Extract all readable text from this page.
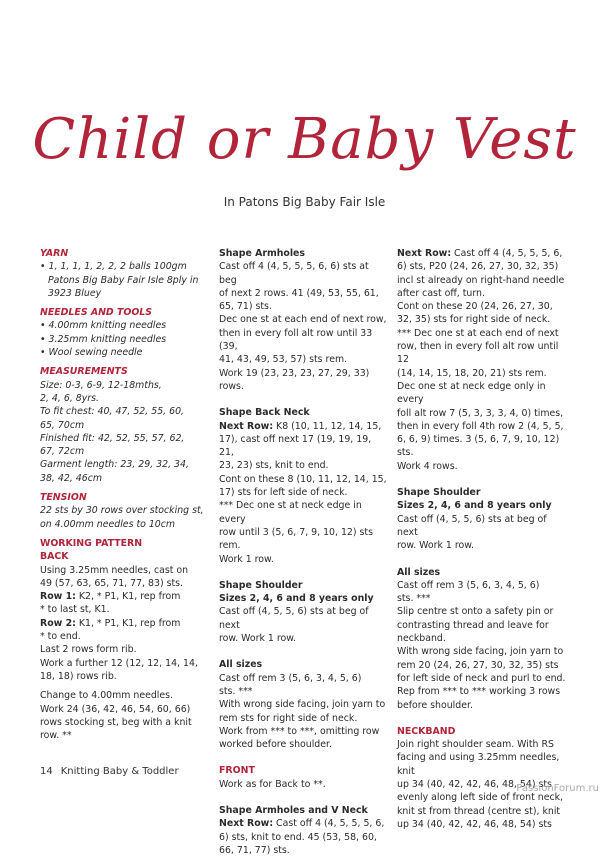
Child or Baby Vest
In Patons Big Baby Fair Isle
YARN
• 1, 1, 1, 1, 2, 2, 2 balls 100gm
Patons Big Baby Fair Isle 8ply in
3923 Bluey
NEEDLES AND TOOLS
• 4.00mm knitting needles
• 3.25mm knitting needles
• Wool sewing needle
MEASUREMENTS
Size: 0-3, 6-9, 12-18mths,
2, 4, 6, 8yrs.
To fit chest: 40, 47, 52, 55, 60,
65, 70cm
Finished fit: 42, 52, 55, 57, 62,
67, 72cm
Garment length: 23, 29, 32, 34,
38, 42, 46cm
TENSION
22 sts by 30 rows over stocking st,
on 4.00mm needles to 10cm
WORKING PATTERN
BACK
Using 3.25mm needles, cast on
49 (57, 63, 65, 71, 77, 83) sts.
Row 1: K2, * P1, K1, rep from
* to last st, K1.
Row 2: K1, * P1, K1, rep from
* to end.
Last 2 rows form rib.
Work a further 12 (12, 12, 14, 14,
18, 18) rows rib.
Change to 4.00mm needles.
Work 24 (36, 42, 46, 54, 60, 66)
rows stocking st, beg with a knit
row. **
Shape Armholes
Cast off 4 (4, 5, 5, 5, 6, 6) sts at beg
of next 2 rows. 41 (49, 53, 55, 61,
65, 71) sts.
Dec one st at each end of next row,
then in every foll alt row until 33 (39,
41, 43, 49, 53, 57) sts rem.
Work 19 (23, 23, 23, 27, 29, 33)
rows.
Shape Back Neck
Next Row: K8 (10, 11, 12, 14, 15,
17), cast off next 17 (19, 19, 19, 21,
23, 23) sts, knit to end.
Cont on these 8 (10, 11, 12, 14, 15,
17) sts for left side of neck.
*** Dec one st at neck edge in every
row until 3 (5, 6, 7, 9, 10, 12) sts rem.
Work 1 row.
Shape Shoulder
Sizes 2, 4, 6 and 8 years only
Cast off (4, 5, 5, 6) sts at beg of next
row. Work 1 row.
All sizes
Cast off rem 3 (5, 6, 3, 4, 5, 6)
sts. ***
With wrong side facing, join yarn to
rem sts for right side of neck.
Work from *** to ***, omitting row
worked before shoulder.
FRONT
Work as for Back to **.
Shape Armholes and V Neck
Next Row: Cast off 4 (4, 5, 5, 5, 6,
6) sts, knit to end. 45 (53, 58, 60,
66, 71, 77) sts.
Next Row: Cast off 4 (4, 5, 5, 5, 6,
6) sts, P20 (24, 26, 27, 30, 32, 35)
incl st already on right-hand needle
after cast off, turn.
Cont on these 20 (24, 26, 27, 30,
32, 35) sts for right side of neck.
*** Dec one st at each end of next
row, then in every foll alt row until 12
(14, 14, 15, 18, 20, 21) sts rem.
Dec one st at neck edge only in every
foll alt row 7 (5, 3, 3, 3, 4, 0) times,
then in every foll 4th row 2 (4, 5, 5,
6, 6, 9) times. 3 (5, 6, 7, 9, 10, 12)
sts.
Work 4 rows.
Shape Shoulder
Sizes 2, 4, 6 and 8 years only
Cast off (4, 5, 5, 6) sts at beg of next
row. Work 1 row.
All sizes
Cast off rem 3 (5, 6, 3, 4, 5, 6)
sts. ***
Slip centre st onto a safety pin or
contrasting thread and leave for
neckband.
With wrong side facing, join yarn to
rem 20 (24, 26, 27, 30, 32, 35) sts
for left side of neck and purl to end.
Rep from *** to *** working 3 rows
before shoulder.
NECKBAND
Join right shoulder seam. With RS
facing and using 3.25mm needles, knit
up 34 (40, 42, 42, 46, 48, 54) sts
evenly along left side of front neck,
knit st from thread (centre st), knit
up 34 (40, 42, 42, 46, 48, 54) sts
14 Knitting Baby & Toddler
PassionForum.ru
